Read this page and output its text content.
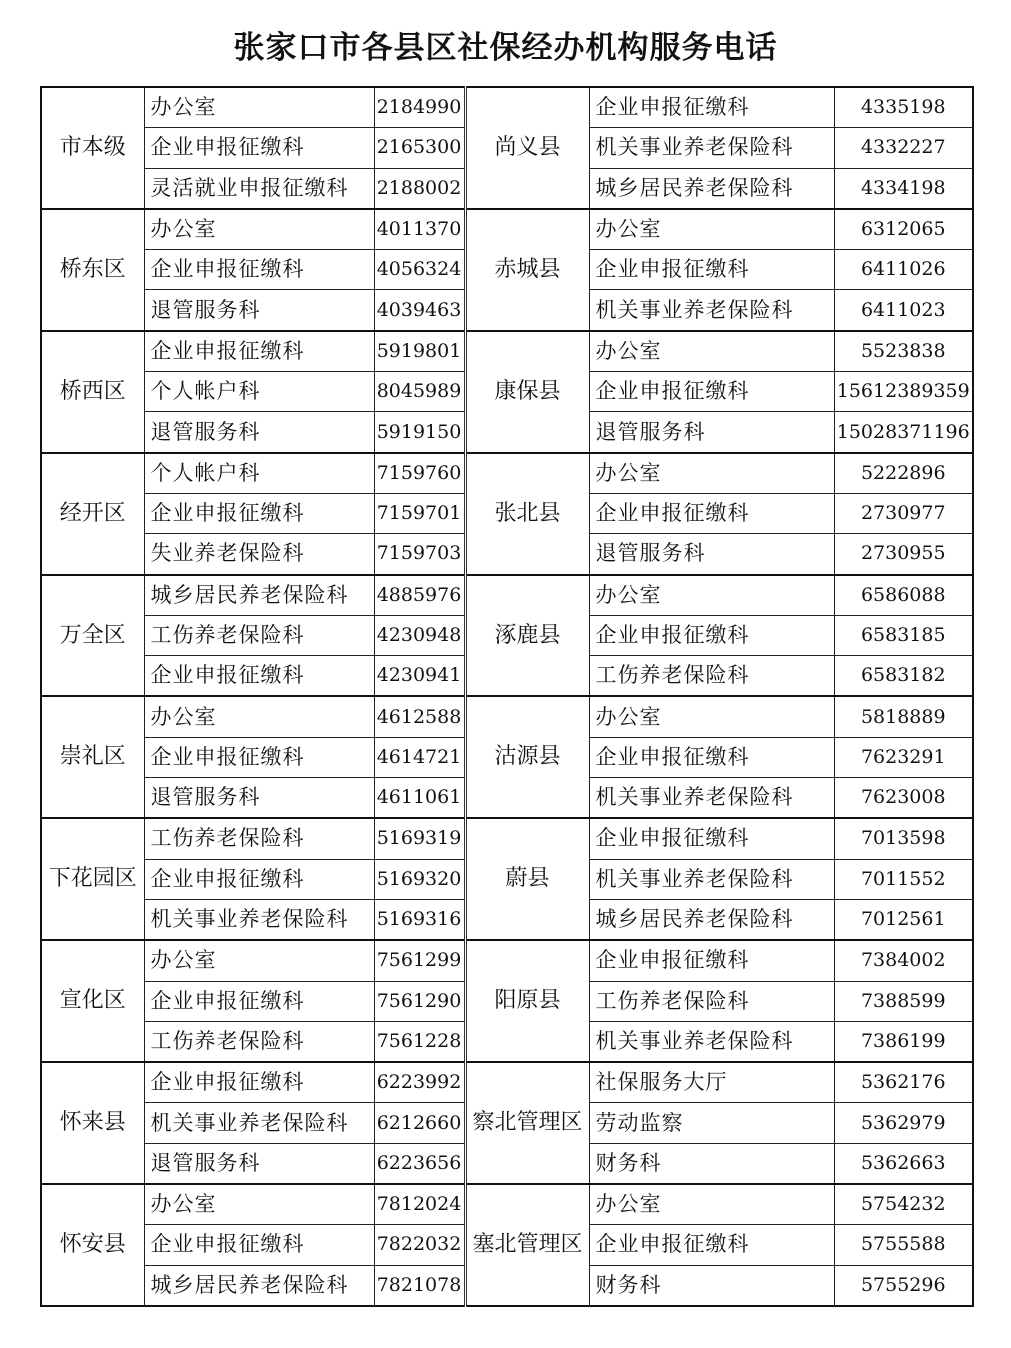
张家口市各县区社保经办机构服务电话
市本级	办公室	2184990	尚义县	企业申报征缴科	4335198
	企业申报征缴科	2165300		机关事业养老保险科	4332227
	灵活就业申报征缴科	2188002		城乡居民养老保险科	4334198
桥东区	办公室	4011370	赤城县	办公室	6312065
	企业申报征缴科	4056324		企业申报征缴科	6411026
	退管服务科	4039463		机关事业养老保险科	6411023
桥西区	企业申报征缴科	5919801	康保县	办公室	5523838
	个人帐户科	8045989		企业申报征缴科	15612389359
	退管服务科	5919150		退管服务科	15028371196
经开区	个人帐户科	7159760	张北县	办公室	5222896
	企业申报征缴科	7159701		企业申报征缴科	2730977
	失业养老保险科	7159703		退管服务科	2730955
万全区	城乡居民养老保险科	4885976	涿鹿县	办公室	6586088
	工伤养老保险科	4230948		企业申报征缴科	6583185
	企业申报征缴科	4230941		工伤养老保险科	6583182
崇礼区	办公室	4612588	沽源县	办公室	5818889
	企业申报征缴科	4614721		企业申报征缴科	7623291
	退管服务科	4611061		机关事业养老保险科	7623008
下花园区	工伤养老保险科	5169319	蔚县	企业申报征缴科	7013598
	企业申报征缴科	5169320		机关事业养老保险科	7011552
	机关事业养老保险科	5169316		城乡居民养老保险科	7012561
宣化区	办公室	7561299	阳原县	企业申报征缴科	7384002
	企业申报征缴科	7561290		工伤养老保险科	7388599
	工伤养老保险科	7561228		机关事业养老保险科	7386199
怀来县	企业申报征缴科	6223992	察北管理区	社保服务大厅	5362176
	机关事业养老保险科	6212660		劳动监察	5362979
	退管服务科	6223656		财务科	5362663
怀安县	办公室	7812024	塞北管理区	办公室	5754232
	企业申报征缴科	7822032		企业申报征缴科	5755588
	城乡居民养老保险科	7821078		财务科	5755296
